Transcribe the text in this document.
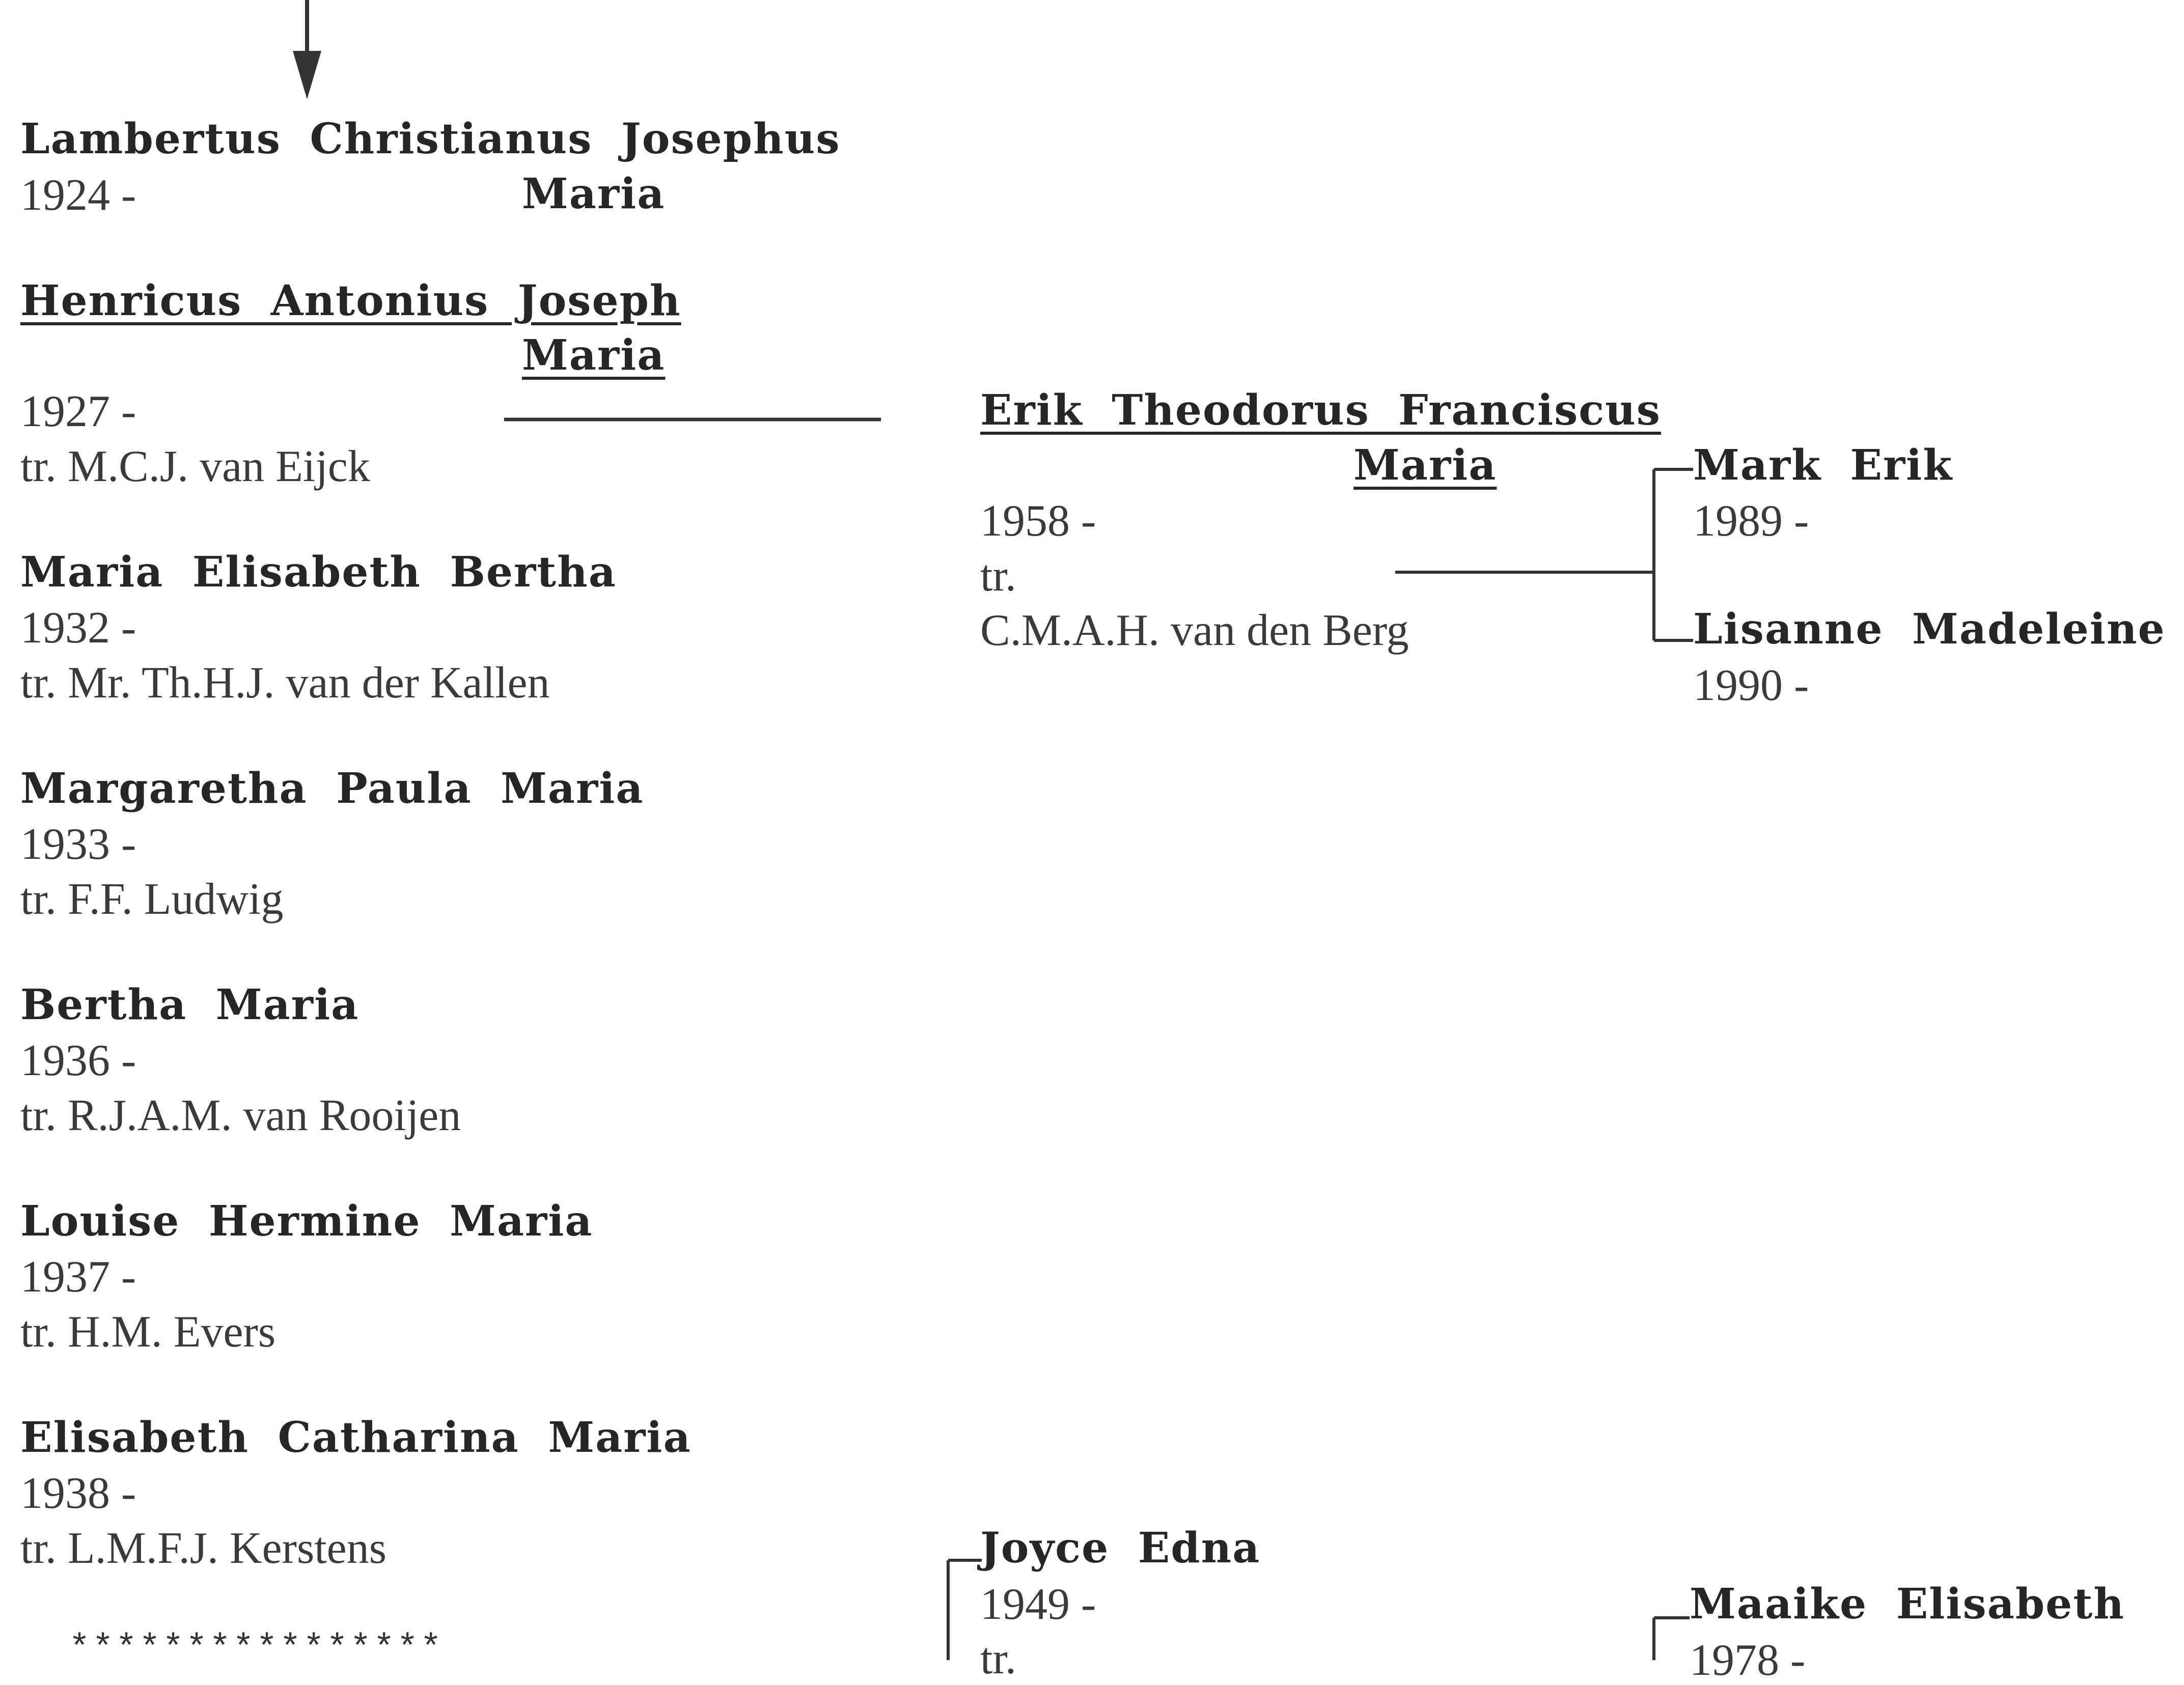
Lambertus Christianus Josephus
1924 -	Maria
Henricus Antonius Joseph
Maria
1927 -
tr. M.C.J. van Eijck
Maria Elisabeth Bertha
1932 -
tr. Mr. Th.H.J. van der Kallen
Margaretha Paula Maria
1933 -
tr. F.F. Ludwig
Bertha Maria
1936 -
tr. R.J.A.M. van Rooijen
Louise Hermine Maria
1937 -
tr. H.M. Evers
Elisabeth Catharina Maria
1938 -
tr. L.M.F.J. Kerstens
****************
Erik Theodorus Franciscus
Maria
1958 -
tr.
C.M.A.H. van den Berg
Joyce Edna
1949 -
tr.
Mark Erik
1989 -
Lisanne Madeleine
1990 -
Maaike Elisabeth
1978 -
